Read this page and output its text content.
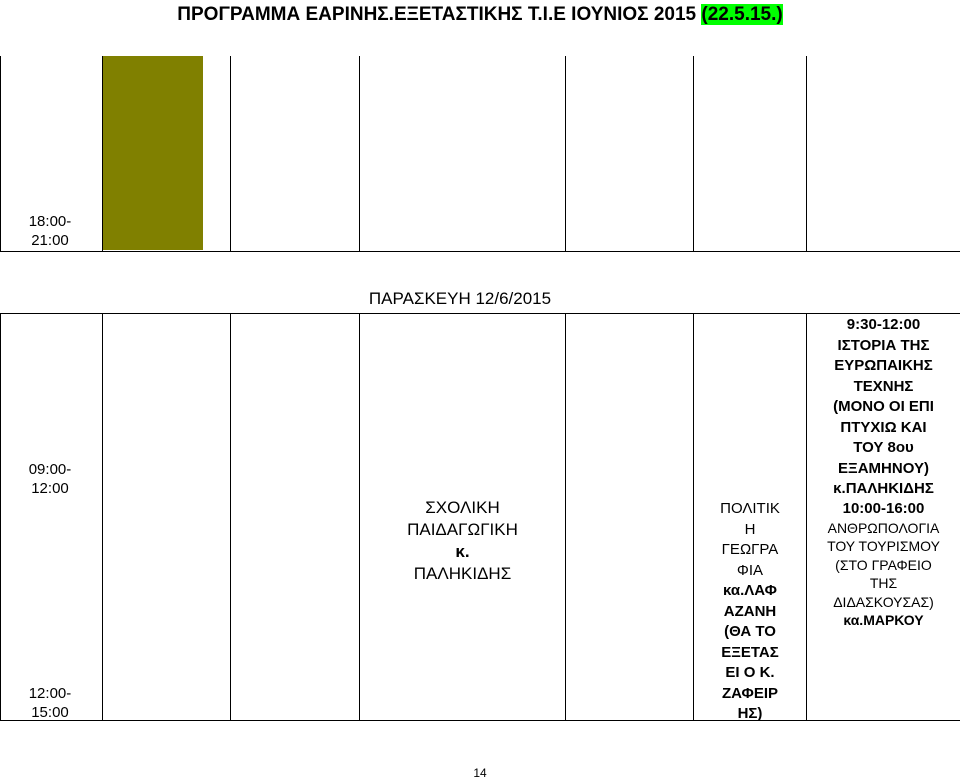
ΠΡΟΓΡΑΜΜΑ ΕΑΡΙΝΗΣ.ΕΞΕΤΑΣΤΙΚΗΣ Τ.Ι.Ε ΙΟΥΝΙΟΣ 2015 (22.5.15.)
18:00-
21:00
ΠΑΡΑΣΚΕΥΗ 12/6/2015
09:00-
12:00
12:00-
15:00
ΣΧΟΛΙΚΗ
ΠΑΙΔΑΓΩΓΙΚΗ
κ.
ΠΑΛΗΚΙΔΗΣ
ΠΟΛΙΤΙΚ
Η
ΓΕΩΓΡΑ
ΦΙΑ
κα.ΛΑΦ
ΑΖΑΝΗ
(ΘΑ ΤΟ
ΕΞΕΤΑΣ
ΕΙ Ο Κ.
ΖΑΦΕΙΡ
ΗΣ)
9:30-12:00
ΙΣΤΟΡΙΑ ΤΗΣ
ΕΥΡΩΠΑΙΚΗΣ
ΤΕΧΝΗΣ
(ΜΟΝΟ ΟΙ ΕΠΙ
ΠΤΥΧΙΩ ΚΑΙ
ΤΟΥ 8ου
ΕΞΑΜΗΝΟΥ)
κ.ΠΑΛΗΚΙΔΗΣ
10:00-16:00
ΑΝΘΡΩΠΟΛΟΓΙΑ
ΤΟΥ ΤΟΥΡΙΣΜΟΥ
(ΣΤΟ ΓΡΑΦΕΙΟ
ΤΗΣ
ΔΙΔΑΣΚΟΥΣΑΣ)
κα.ΜΑΡΚΟΥ
14
